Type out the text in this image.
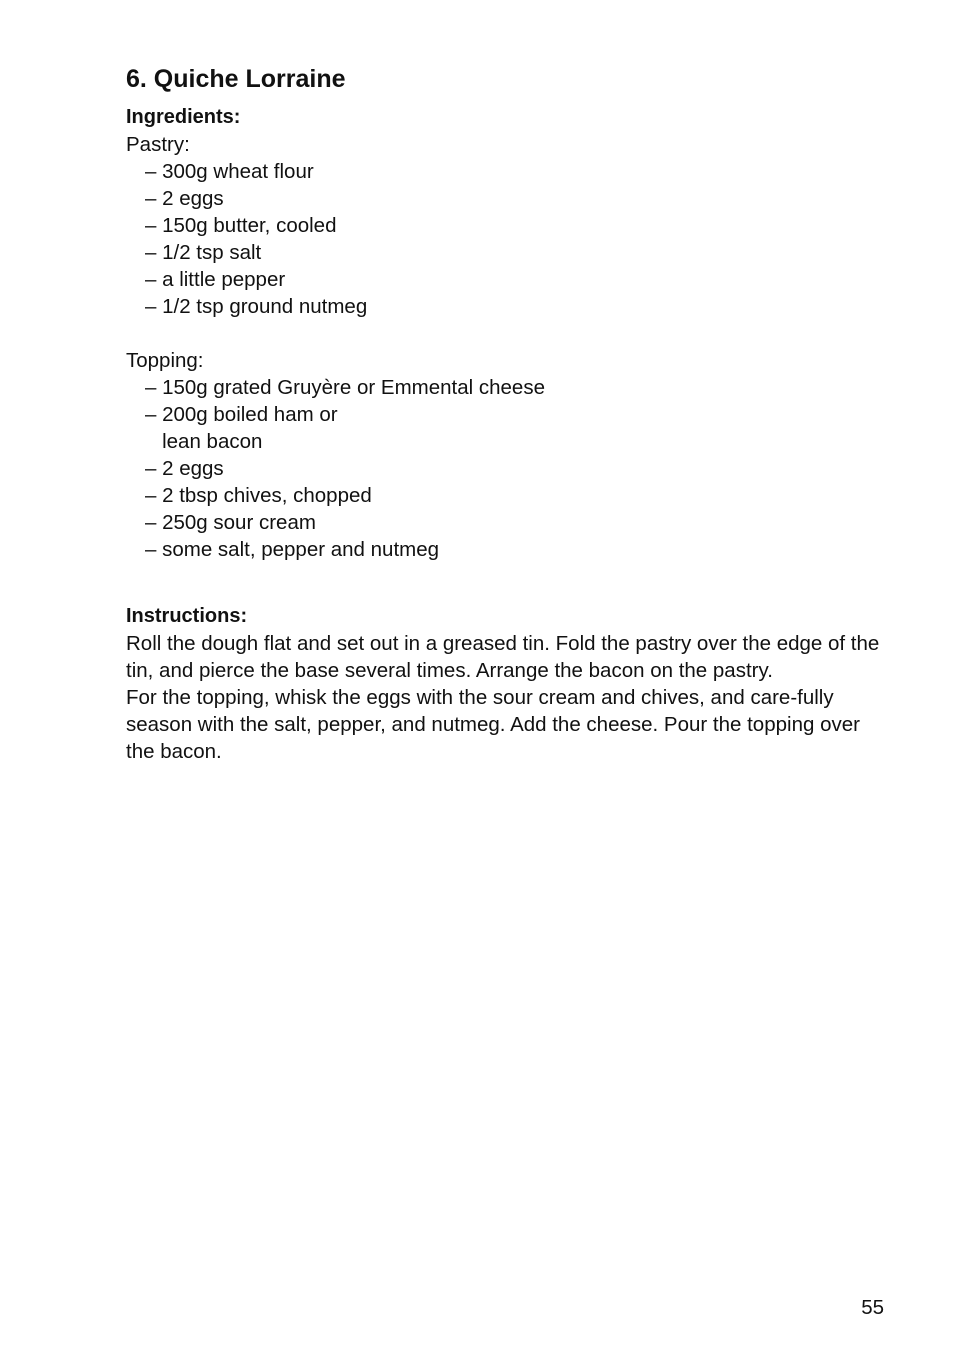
6. Quiche Lorraine
Ingredients:
Pastry:
– 300g wheat flour
– 2 eggs
– 150g butter, cooled
– 1/2 tsp salt
– a little pepper
– 1/2 tsp ground nutmeg
Topping:
– 150g grated Gruyère or Emmental cheese
– 200g boiled ham or
lean bacon
– 2 eggs
– 2 tbsp chives, chopped
– 250g sour cream
– some salt, pepper and nutmeg
Instructions:

Roll the dough flat and set out in a greased tin. Fold the pastry over the edge of the tin, and pierce the base several times. Arrange the bacon on the pastry.

For the topping, whisk the eggs with the sour cream and chives, and care-fully season with the salt, pepper, and nutmeg. Add the cheese. Pour the topping over the bacon.

55
